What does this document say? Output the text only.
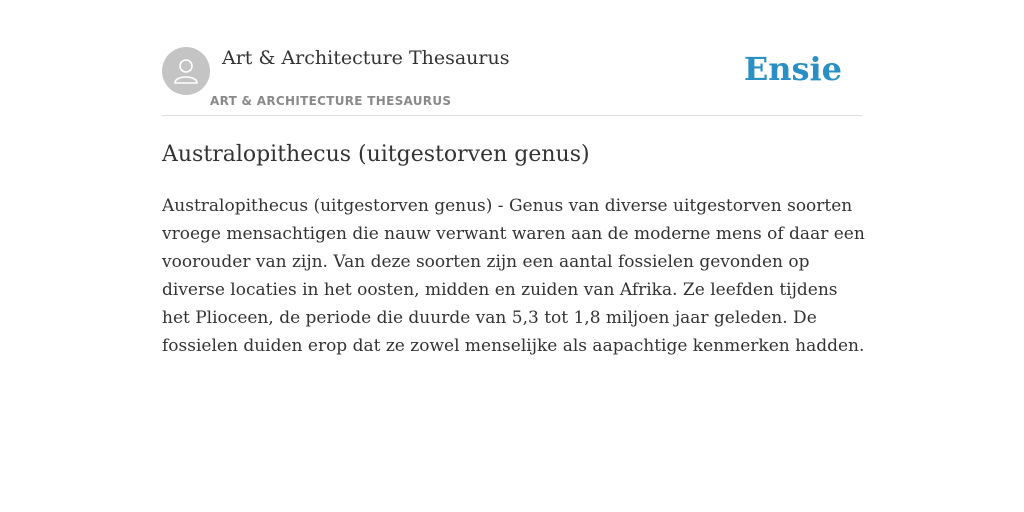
Art & Architecture Thesaurus
ART & ARCHITECTURE THESAURUS
Ensie
Australopithecus (uitgestorven genus)

Australopithecus (uitgestorven genus) - Genus van diverse uitgestorven soorten
vroege mensachtigen die nauw verwant waren aan de moderne mens of daar een
voorouder van zijn. Van deze soorten zijn een aantal fossielen gevonden op
diverse locaties in het oosten, midden en zuiden van Afrika. Ze leefden tijdens
het Plioceen, de periode die duurde van 5,3 tot 1,8 miljoen jaar geleden. De
fossielen duiden erop dat ze zowel menselijke als aapachtige kenmerken hadden.
